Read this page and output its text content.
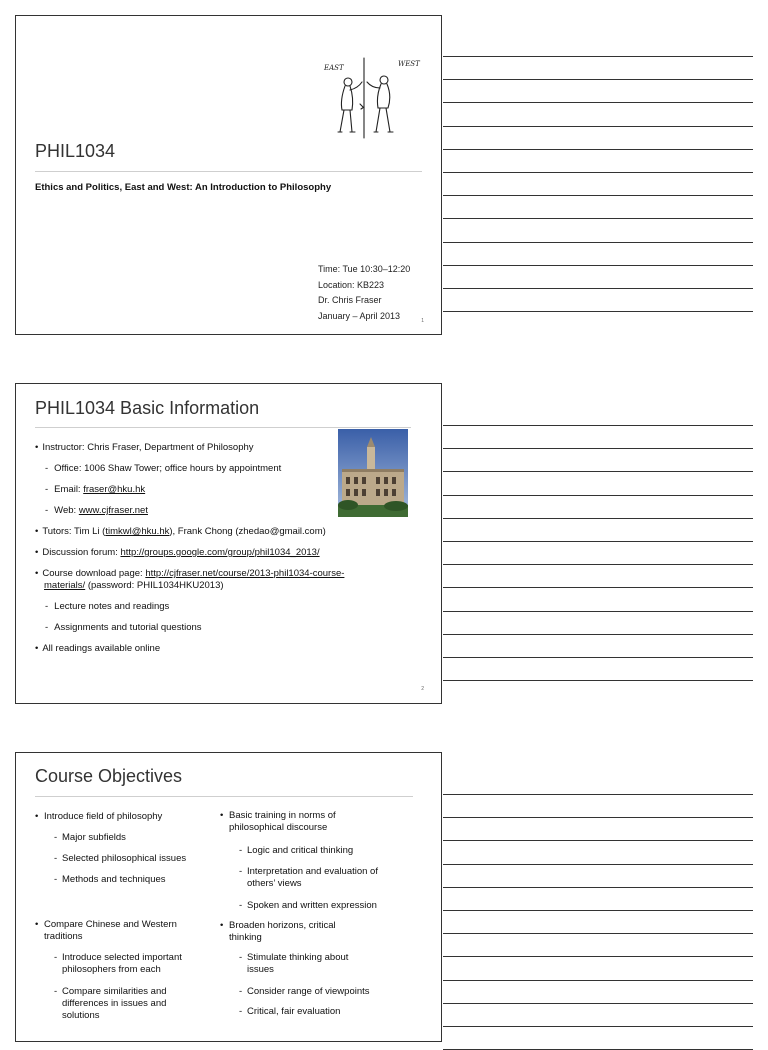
EAST	WEST
PHIL1034

Ethics and Politics, East and West: An Introduction to Philosophy

Time: Tue 10:30–12:20
Location: KB223
Dr. Chris Fraser
January – April 2013
1
PHIL1034 Basic Information
• Instructor: Chris Fraser, Department of Philosophy
- Office: 1006 Shaw Tower; office hours by appointment
- Email: fraser@hku.hk
- Web: www.cjfraser.net
• Tutors: Tim Li (timkwl@hku.hk), Frank Chong (zhedao@gmail.com)
• Discussion forum: http://groups.google.com/group/phil1034_2013/
• Course download page: http://cjfraser.net/course/2013-phil1034-course-
materials/ (password: PHIL1034HKU2013)
- Lecture notes and readings
- Assignments and tutorial questions
• All readings available online
2
Course Objectives
• Introduce field of philosophy
- Major subfields
- Selected philosophical issues
- Methods and techniques
• Compare Chinese and Western
traditions
- Introduce selected important
philosophers from each
- Compare similarities and
differences in issues and
solutions
• Basic training in norms of
philosophical discourse
- Logic and critical thinking
- Interpretation and evaluation of
others’ views
- Spoken and written expression
• Broaden horizons, critical
thinking
- Stimulate thinking about
issues
- Consider range of viewpoints
- Critical, fair evaluation
